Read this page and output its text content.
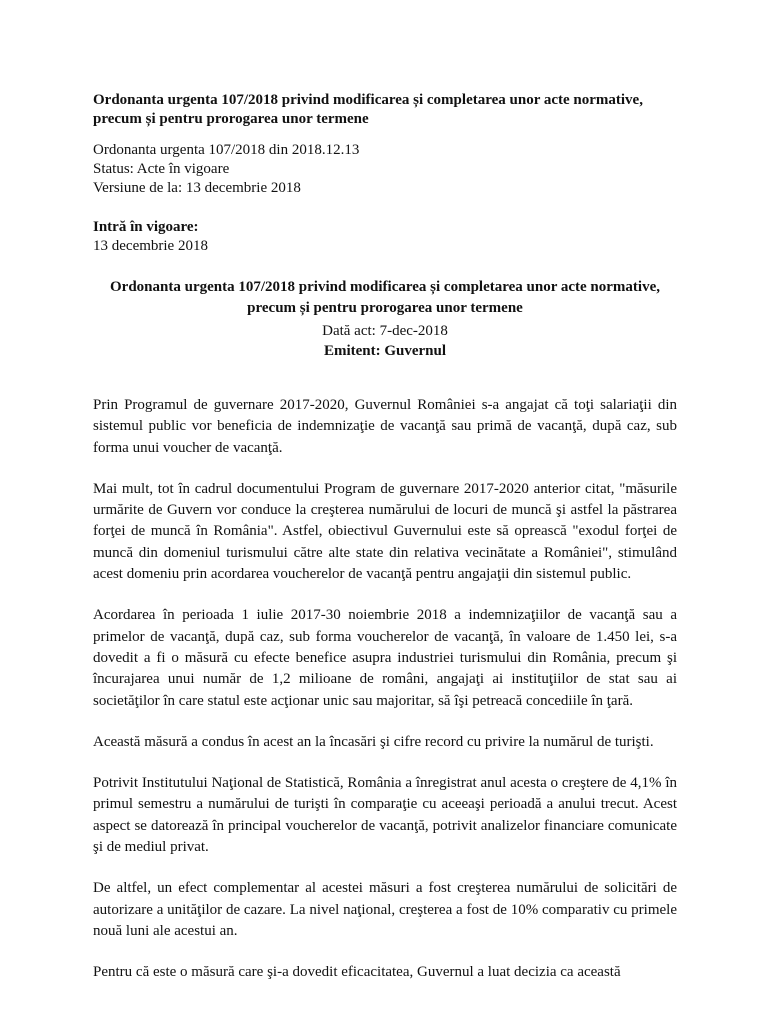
Ordonanta urgenta 107/2018 privind modificarea și completarea unor acte normative, precum și pentru prorogarea unor termene
Ordonanta urgenta 107/2018 din 2018.12.13
Status: Acte în vigoare
Versiune de la: 13 decembrie 2018
Intră în vigoare:
13 decembrie 2018
Ordonanta urgenta 107/2018 privind modificarea și completarea unor acte normative, precum și pentru prorogarea unor termene
Dată act: 7-dec-2018
Emitent: Guvernul

Prin Programul de guvernare 2017-2020, Guvernul României s-a angajat că toţi salariaţii din sistemul public vor beneficia de indemnizaţie de vacanţă sau primă de vacanţă, după caz, sub forma unui voucher de vacanţă.

Mai mult, tot în cadrul documentului Program de guvernare 2017-2020 anterior citat, "măsurile urmărite de Guvern vor conduce la creşterea numărului de locuri de muncă şi astfel la păstrarea forţei de muncă în România". Astfel, obiectivul Guvernului este să oprească "exodul forţei de muncă din domeniul turismului către alte state din relativa vecinătate a României", stimulând acest domeniu prin acordarea voucherelor de vacanţă pentru angajaţii din sistemul public.

Acordarea în perioada 1 iulie 2017-30 noiembrie 2018 a indemnizaţiilor de vacanţă sau a primelor de vacanţă, după caz, sub forma voucherelor de vacanţă, în valoare de 1.450 lei, s-a dovedit a fi o măsură cu efecte benefice asupra industriei turismului din România, precum şi încurajarea unui număr de 1,2 milioane de români, angajaţi ai instituţiilor de stat sau ai societăţilor în care statul este acţionar unic sau majoritar, să îşi petreacă concediile în ţară.

Această măsură a condus în acest an la încasări şi cifre record cu privire la numărul de turişti.

Potrivit Institutului Naţional de Statistică, România a înregistrat anul acesta o creştere de 4,1% în primul semestru a numărului de turişti în comparaţie cu aceeaşi perioadă a anului trecut. Acest aspect se datorează în principal voucherelor de vacanţă, potrivit analizelor financiare comunicate şi de mediul privat.

De altfel, un efect complementar al acestei măsuri a fost creşterea numărului de solicitări de autorizare a unităţilor de cazare. La nivel naţional, creşterea a fost de 10% comparativ cu primele nouă luni ale acestui an.

Pentru că este o măsură care şi-a dovedit eficacitatea, Guvernul a luat decizia ca această
